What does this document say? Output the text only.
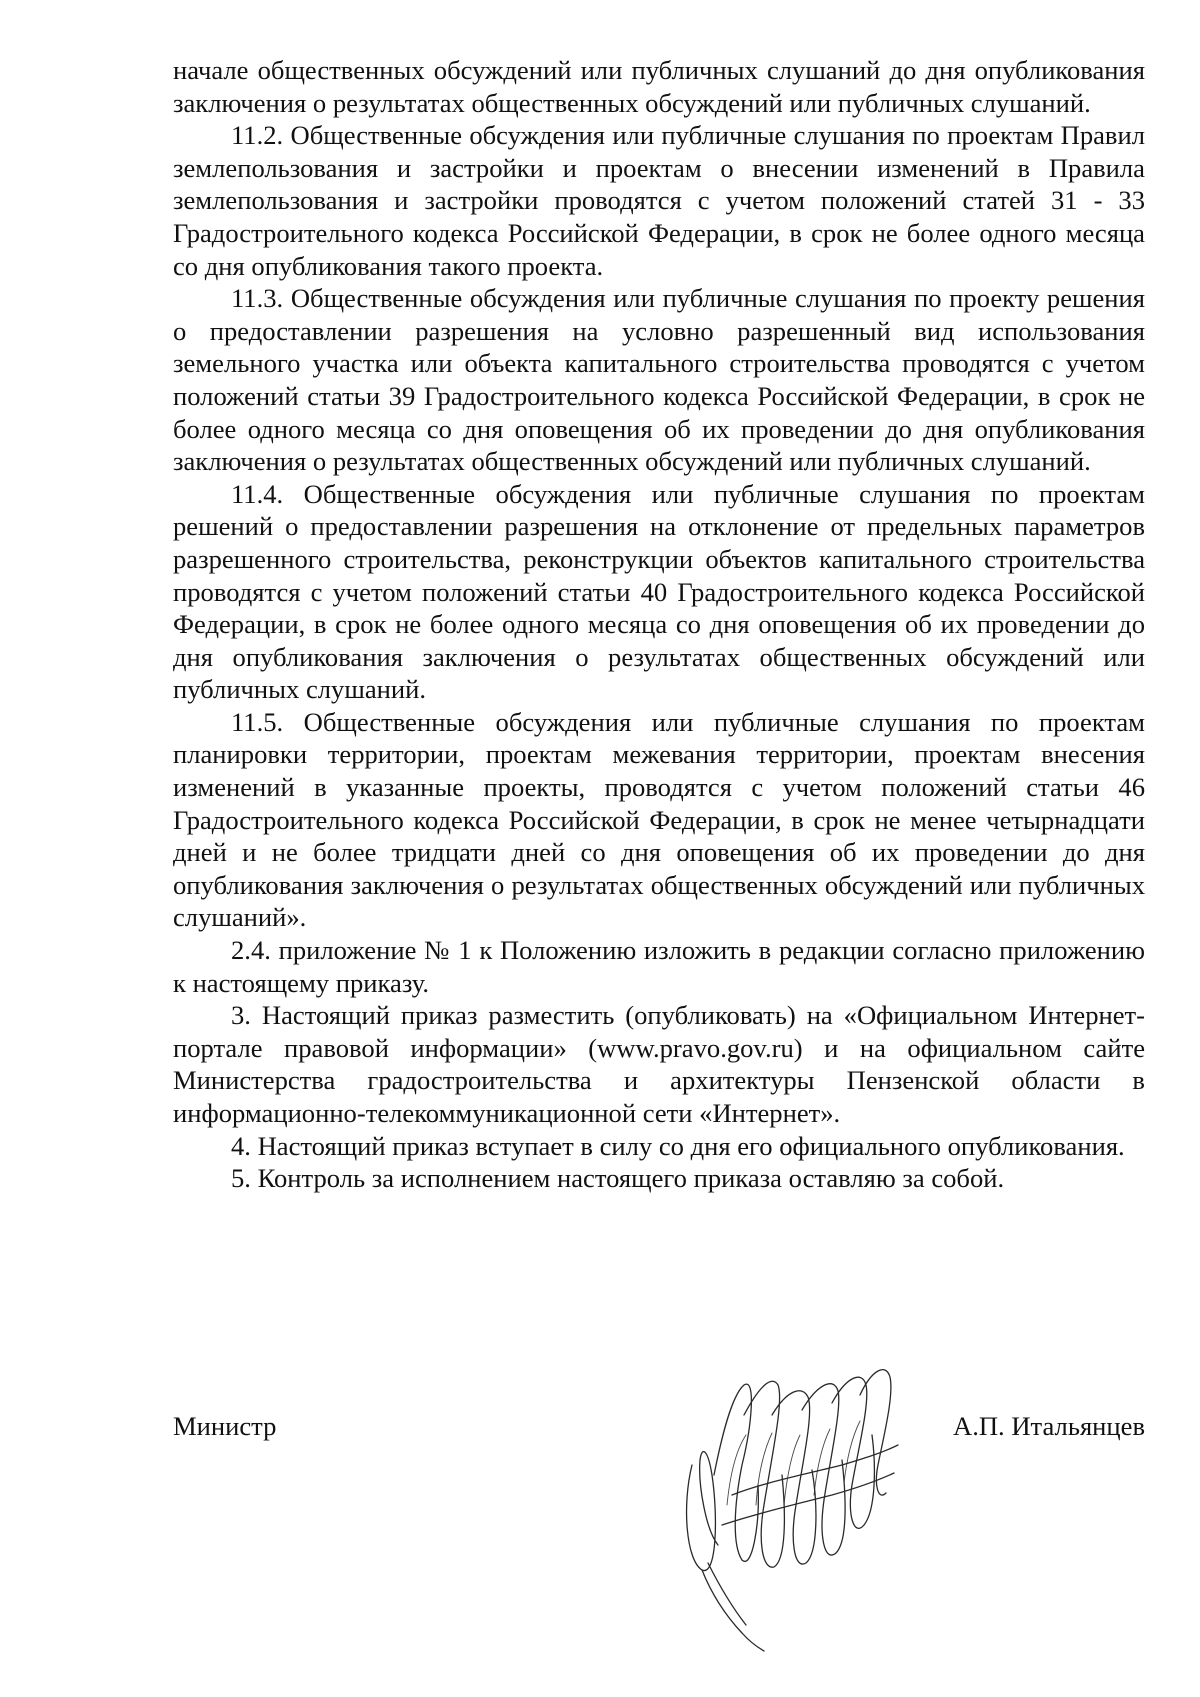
начале общественных обсуждений или публичных слушаний до дня опубликования заключения о результатах общественных обсуждений или публичных слушаний.

11.2. Общественные обсуждения или публичные слушания по проектам Правил землепользования и застройки и проектам о внесении изменений в Правила землепользования и застройки проводятся с учетом положений статей 31 - 33 Градостроительного кодекса Российской Федерации, в срок не более одного месяца со дня опубликования такого проекта.

11.3. Общественные обсуждения или публичные слушания по проекту решения о предоставлении разрешения на условно разрешенный вид использования земельного участка или объекта капитального строительства проводятся с учетом положений статьи 39 Градостроительного кодекса Российской Федерации, в срок не более одного месяца со дня оповещения об их проведении до дня опубликования заключения о результатах общественных обсуждений или публичных слушаний.

11.4. Общественные обсуждения или публичные слушания по проектам решений о предоставлении разрешения на отклонение от предельных параметров разрешенного строительства, реконструкции объектов капитального строительства проводятся с учетом положений статьи 40 Градостроительного кодекса Российской Федерации, в срок не более одного месяца со дня оповещения об их проведении до дня опубликования заключения о результатах общественных обсуждений или публичных слушаний.

11.5. Общественные обсуждения или публичные слушания по проектам планировки территории, проектам межевания территории, проектам внесения изменений в указанные проекты, проводятся с учетом положений статьи 46 Градостроительного кодекса Российской Федерации, в срок не менее четырнадцати дней и не более тридцати дней со дня оповещения об их проведении до дня опубликования заключения о результатах общественных обсуждений или публичных слушаний».

2.4. приложение № 1 к Положению изложить в редакции согласно приложению к настоящему приказу.

3. Настоящий приказ разместить (опубликовать) на «Официальном Интернет-портале правовой информации» (www.pravo.gov.ru) и на официальном сайте Министерства градостроительства и архитектуры Пензенской области в информационно-телекоммуникационной сети «Интернет».

4. Настоящий приказ вступает в силу со дня его официального опубликования.

5. Контроль за исполнением настоящего приказа оставляю за собой.

Министр	А.П. Итальянцев
